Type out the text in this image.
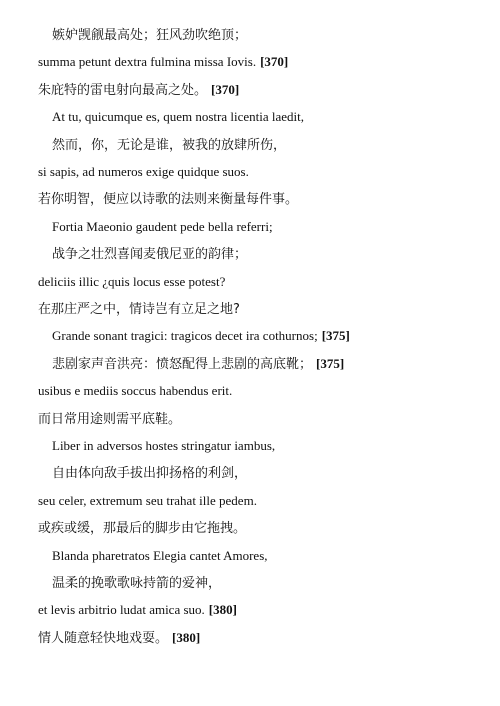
嫉妒觊觎最高处；狂风劲吹绝顶；
summa petunt dextra fulmina missa Iovis. [370]
朱庇特的雷电射向最高之处。 [370]
At tu, quicumque es, quem nostra licentia laedit,
然而，你，无论是谁，被我的放肆所伤，
si sapis, ad numeros exige quidque suos.
若你明智，便应以诗歌的法则来衡量每件事。
Fortia Maeonio gaudent pede bella referri;
战争之壮烈喜闻麦俄尼亚的韵律；
deliciis illic ¿quis locus esse potest?
在那庄严之中，情诗岂有立足之地?
Grande sonant tragici: tragicos decet ira cothurnos; [375]
悲剧家声音洪亮：愤怒配得上悲剧的高底靴； [375]
usibus e mediis soccus habendus erit.
而日常用途则需平底鞋。
Liber in adversos hostes stringatur iambus,
自由体向敌手拔出抑扬格的利剑，
seu celer, extremum seu trahat ille pedem.
或疾或缓，那最后的脚步由它拖拽。
Blanda pharetratos Elegia cantet Amores,
温柔的挽歌歌咏持箭的爱神，
et levis arbitrio ludat amica suo. [380]
情人随意轻快地戏耍。 [380]
